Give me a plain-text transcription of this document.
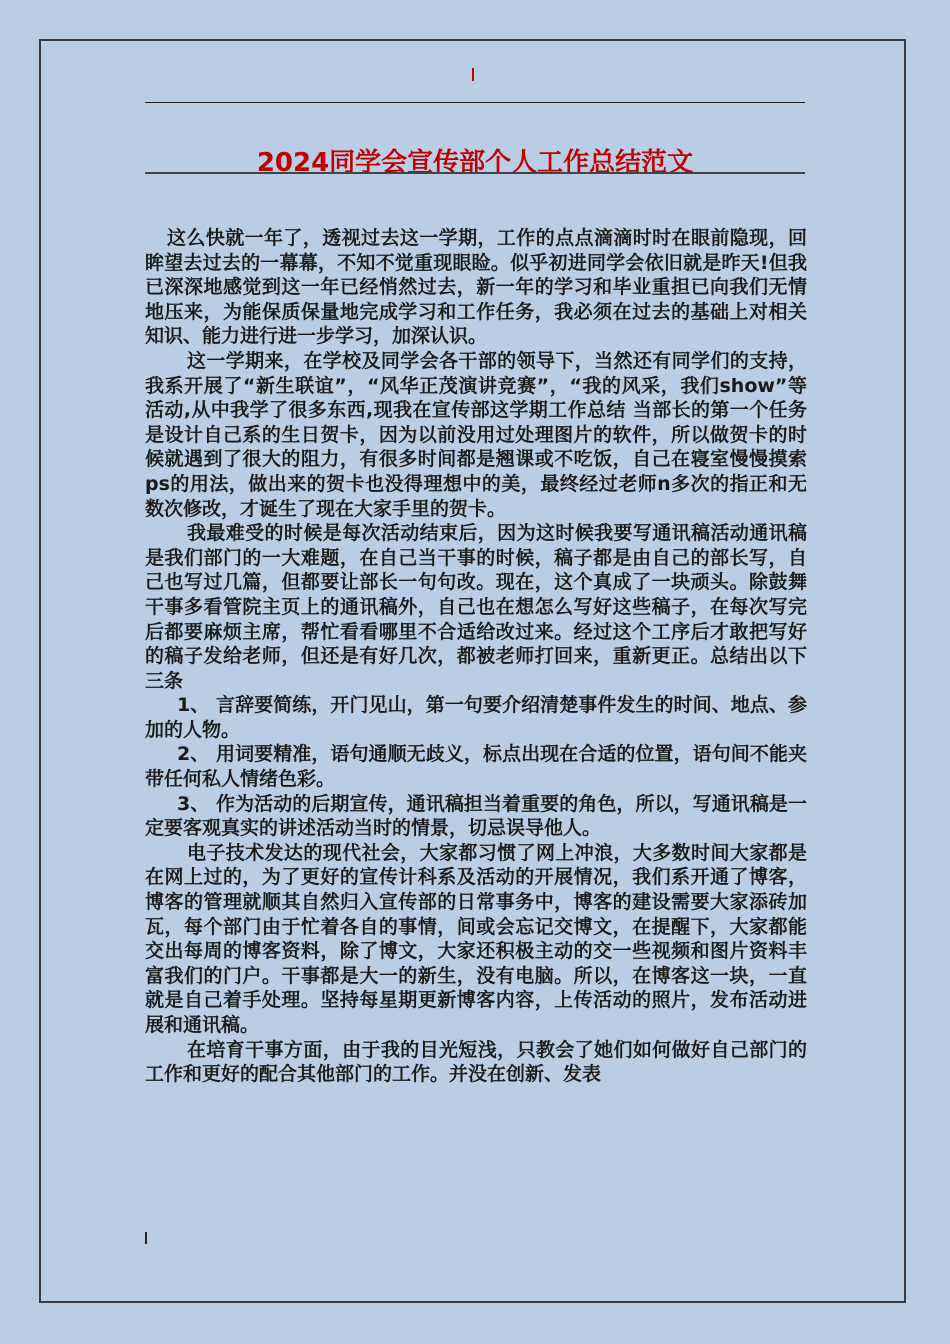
2024同学会宣传部个人工作总结范文

这么快就一年了，透视过去这一学期，工作的点点滴滴时时在眼前隐现，回眸望去过去的一幕幕，不知不觉重现眼睑。似乎初进同学会依旧就是昨天!但我已深深地感觉到这一年已经悄然过去，新一年的学习和毕业重担已向我们无情地压来，为能保质保量地完成学习和工作任务，我必须在过去的基础上对相关知识、能力进行进一步学习，加深认识。

这一学期来，在学校及同学会各干部的领导下，当然还有同学们的支持，我系开展了“新生联谊”，“风华正茂演讲竞赛”，“我的风采，我们show”等活动,从中我学了很多东西,现我在宣传部这学期工作总结 当部长的第一个任务是设计自己系的生日贺卡，因为以前没用过处理图片的软件，所以做贺卡的时候就遇到了很大的阻力，有很多时间都是翘课或不吃饭，自己在寝室慢慢摸索ps的用法，做出来的贺卡也没得理想中的美，最终经过老师n多次的指正和无数次修改，才诞生了现在大家手里的贺卡。

我最难受的时候是每次活动结束后，因为这时候我要写通讯稿活动通讯稿是我们部门的一大难题，在自己当干事的时候，稿子都是由自己的部长写，自己也写过几篇，但都要让部长一句句改。现在，这个真成了一块顽头。除鼓舞干事多看管院主页上的通讯稿外，自己也在想怎么写好这些稿子，在每次写完后都要麻烦主席，帮忙看看哪里不合适给改过来。经过这个工序后才敢把写好的稿子发给老师，但还是有好几次，都被老师打回来，重新更正。总结出以下三条

1、 言辞要简练，开门见山，第一句要介绍清楚事件发生的时间、地点、参加的人物。

2、 用词要精准，语句通顺无歧义，标点出现在合适的位置，语句间不能夹带任何私人情绪色彩。

3、 作为活动的后期宣传，通讯稿担当着重要的角色，所以，写通讯稿是一定要客观真实的讲述活动当时的情景，切忌误导他人。

电子技术发达的现代社会，大家都习惯了网上冲浪，大多数时间大家都是在网上过的，为了更好的宣传计科系及活动的开展情况，我们系开通了博客，博客的管理就顺其自然归入宣传部的日常事务中，博客的建设需要大家添砖加瓦，每个部门由于忙着各自的事情，间或会忘记交博文，在提醒下，大家都能交出每周的博客资料，除了博文，大家还积极主动的交一些视频和图片资料丰富我们的门户。干事都是大一的新生，没有电脑。所以，在博客这一块，一直就是自己着手处理。坚持每星期更新博客内容，上传活动的照片，发布活动进展和通讯稿。

在培育干事方面，由于我的目光短浅，只教会了她们如何做好自己部门的工作和更好的配合其他部门的工作。并没在创新、发表
